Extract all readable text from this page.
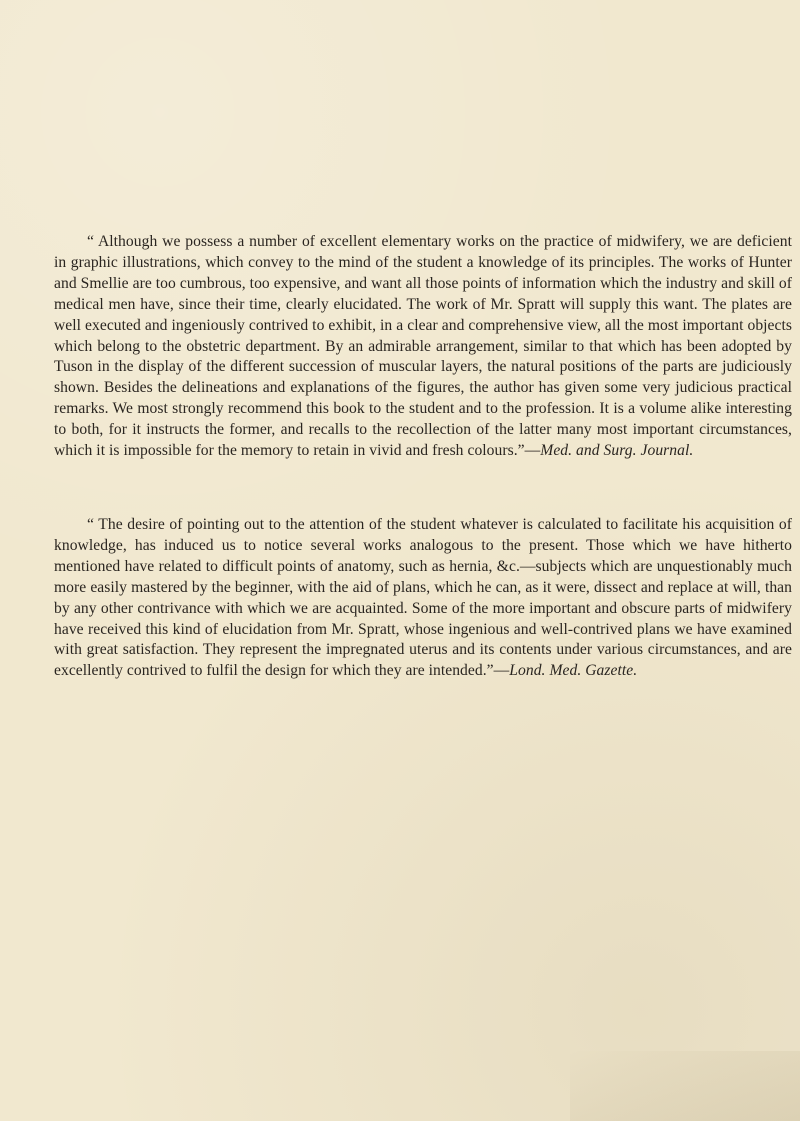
“ Although we possess a number of excellent elementary works on the practice of midwifery, we are deficient in graphic illustrations, which convey to the mind of the student a knowledge of its principles. The works of Hunter and Smellie are too cumbrous, too expensive, and want all those points of information which the industry and skill of medical men have, since their time, clearly elucidated. The work of Mr. Spratt will supply this want. The plates are well executed and ingeniously contrived to exhibit, in a clear and comprehensive view, all the most important objects which belong to the obstetric department. By an admirable arrangement, similar to that which has been adopted by Tuson in the display of the different succession of muscular layers, the natural positions of the parts are judiciously shown. Besides the delineations and explanations of the figures, the author has given some very judicious practical remarks. We most strongly recommend this book to the student and to the profession. It is a volume alike interesting to both, for it instructs the former, and recalls to the recollection of the latter many most important circumstances, which it is impossible for the memory to retain in vivid and fresh colours.”—Med. and Surg. Journal.

“ The desire of pointing out to the attention of the student whatever is calculated to facilitate his acquisition of knowledge, has induced us to notice several works analogous to the present. Those which we have hitherto mentioned have related to difficult points of anatomy, such as hernia, &c.—subjects which are unquestionably much more easily mastered by the beginner, with the aid of plans, which he can, as it were, dissect and replace at will, than by any other contrivance with which we are acquainted. Some of the more important and obscure parts of midwifery have received this kind of elucidation from Mr. Spratt, whose ingenious and well-contrived plans we have examined with great satisfaction. They represent the impregnated uterus and its contents under various circumstances, and are excellently contrived to fulfil the design for which they are intended.”—Lond. Med. Gazette.
